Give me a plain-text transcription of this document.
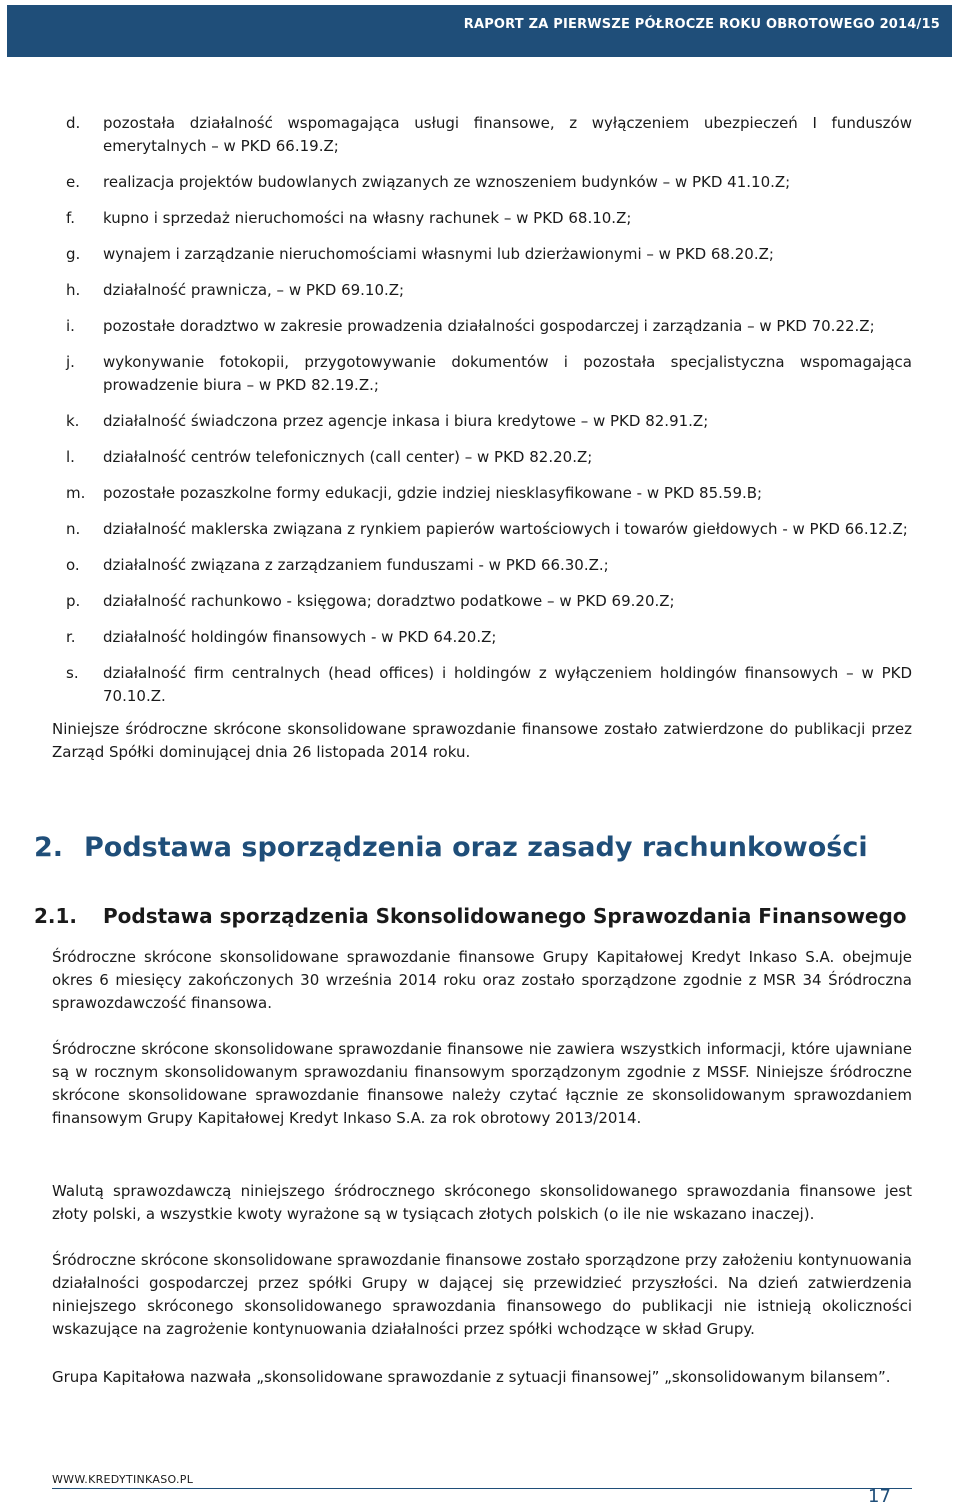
RAPORT ZA PIERWSZE PÓŁROCZE ROKU OBROTOWEGO 2014/15
d. pozostała działalność wspomagająca usługi finansowe, z wyłączeniem ubezpieczeń I funduszów emerytalnych – w PKD 66.19.Z;
e. realizacja projektów budowlanych związanych ze wznoszeniem budynków – w PKD 41.10.Z;
f. kupno i sprzedaż nieruchomości na własny rachunek – w PKD 68.10.Z;
g. wynajem i zarządzanie nieruchomościami własnymi lub dzierżawionymi – w PKD 68.20.Z;
h. działalność prawnicza, – w PKD 69.10.Z;
i. pozostałe doradztwo w zakresie prowadzenia działalności gospodarczej i zarządzania – w PKD 70.22.Z;
j. wykonywanie fotokopii, przygotowywanie dokumentów i pozostała specjalistyczna wspomagająca prowadzenie biura – w PKD 82.19.Z.;
k. działalność świadczona przez agencje inkasa i biura kredytowe – w PKD 82.91.Z;
l. działalność centrów telefonicznych (call center) – w PKD 82.20.Z;
m. pozostałe pozaszkolne formy edukacji, gdzie indziej niesklasyfikowane - w PKD 85.59.B;
n. działalność maklerska związana z rynkiem papierów wartościowych i towarów giełdowych - w PKD 66.12.Z;
o. działalność związana z zarządzaniem funduszami - w PKD 66.30.Z.;
p. działalność rachunkowo - księgowa; doradztwo podatkowe – w PKD 69.20.Z;
r. działalność holdingów finansowych - w PKD 64.20.Z;
s. działalność firm centralnych (head offices) i holdingów z wyłączeniem holdingów finansowych – w PKD 70.10.Z.

Niniejsze śródroczne skrócone skonsolidowane sprawozdanie finansowe zostało zatwierdzone do publikacji przez Zarząd Spółki dominującej dnia 26 listopada 2014 roku.

2. Podstawa sporządzenia oraz zasady rachunkowości
2.1. Podstawa sporządzenia Skonsolidowanego Sprawozdania Finansowego

Śródroczne skrócone skonsolidowane sprawozdanie finansowe Grupy Kapitałowej Kredyt Inkaso S.A. obejmuje okres 6 miesięcy zakończonych 30 września 2014 roku oraz zostało sporządzone zgodnie z MSR 34 Śródroczna sprawozdawczość finansowa.

Śródroczne skrócone skonsolidowane sprawozdanie finansowe nie zawiera wszystkich informacji, które ujawniane są w rocznym skonsolidowanym sprawozdaniu finansowym sporządzonym zgodnie z MSSF. Niniejsze śródroczne skrócone skonsolidowane sprawozdanie finansowe należy czytać łącznie ze skonsolidowanym sprawozdaniem finansowym Grupy Kapitałowej Kredyt Inkaso S.A. za rok obrotowy 2013/2014.

Walutą sprawozdawczą niniejszego śródrocznego skróconego skonsolidowanego sprawozdania finansowe jest złoty polski, a wszystkie kwoty wyrażone są w tysiącach złotych polskich (o ile nie wskazano inaczej).

Śródroczne skrócone skonsolidowane sprawozdanie finansowe zostało sporządzone przy założeniu kontynuowania działalności gospodarczej przez spółki Grupy w dającej się przewidzieć przyszłości. Na dzień zatwierdzenia niniejszego skróconego skonsolidowanego sprawozdania finansowego do publikacji nie istnieją okoliczności wskazujące na zagrożenie kontynuowania działalności przez spółki wchodzące w skład Grupy.

Grupa Kapitałowa nazwała „skonsolidowane sprawozdanie z sytuacji finansowej” „skonsolidowanym bilansem”.

WWW.KREDYTINKASO.PL
17
